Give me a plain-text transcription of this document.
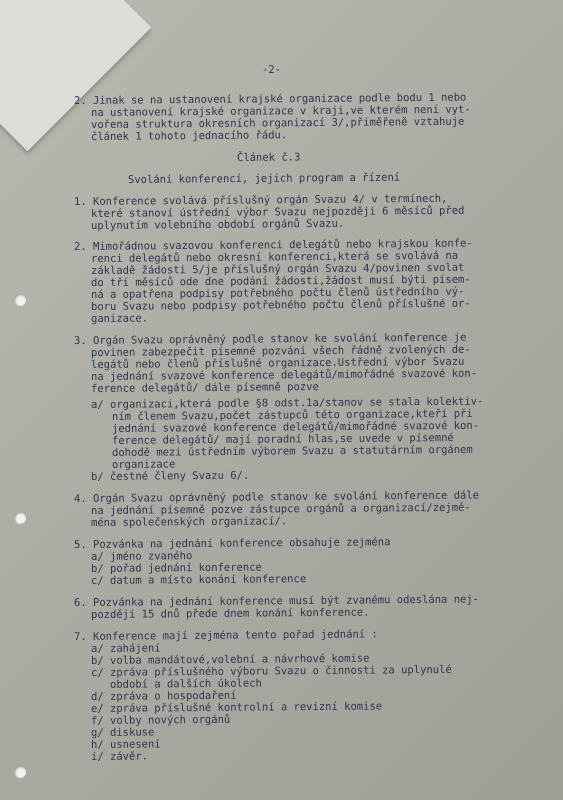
-2-
2. Jinak se na ustanovení krajské organizace podle bodu 1 nebo
na ustanovení krajské organizace v kraji,ve kterém není vyt-
vořena struktura okresních organizací 3/,přiměřeně vztahuje
článek 1 tohoto jednacího řádu.
Článek č.3
Svolání konferencí, jejich program a řízení
1. Konference svolává příslušný orgán Svazu 4/ v termínech,
které stanoví ústřední výbor Svazu nejpozději 6 měsíců před
uplynutím volebního období orgánů Svazu.
2. Mimořádnou svazovou konferenci delegátů nebo krajskou konfe-
renci delegátů nebo okresní konferenci,která se svolává na
základě žádosti 5/je příslušný orgán Svazu 4/povinen svolat
do tří měsíců ode dne podání žádosti,žádost musí býti písem-
ná a opatřena podpisy potřebného počtu členů ústředního vý-
boru Svazu nebo podpisy potřebného počtu členů příslušné or-
ganizace.
3. Orgán Svazu oprávněný podle stanov ke svolání konference je
povinen zabezpečit písemné pozvání všech řádně zvolených de-
legátů nebo členů příslušné organizace.Ustřední výbor Svazu
na jednání svazové konference delegátů/mimořádné svazové kon-
ference delegátů/ dále písemně pozve
a/ organizaci,která podle §8 odst.1a/stanov se stala kolektiv-
ním členem Svazu,počet zástupců této organizace,kteří při
jednání svazové konference delegátů/mimořádné svazové kon-
ference delegátů/ mají poradní hlas,se uvede v písemné
dohodě mezi ústředním výborem Svazu a statutárním orgánem
organizace
b/ čestné členy Svazu 6/.
4. Orgán Svazu oprávněný podle stanov ke svolání konference dále
na jednání písemně pozve zástupce orgánů a organizací/zejmé-
ména společenských organizací/.
5. Pozvánka na jednání konference obsahuje zejména
a/ jméno zvaného
b/ pořad jednání konference
c/ datum a místo konání konference
6. Pozvánka na jednání konference musí být zvanému odeslána nej-
později 15 dnů přede dnem konání konference.
7. Konference mají zejména tento pořad jednání :
a/ zahájení
b/ volba mandátové,volební a návrhové komise
c/ zpráva příslušného výboru Svazu o činnosti za uplynulé
období a dalších úkolech
d/ zpráva o hospodaření
e/ zpráva příslušné kontrolní a revizní komise
f/ volby nových orgánů
g/ diskuse
h/ usnesení
i/ závěr.
